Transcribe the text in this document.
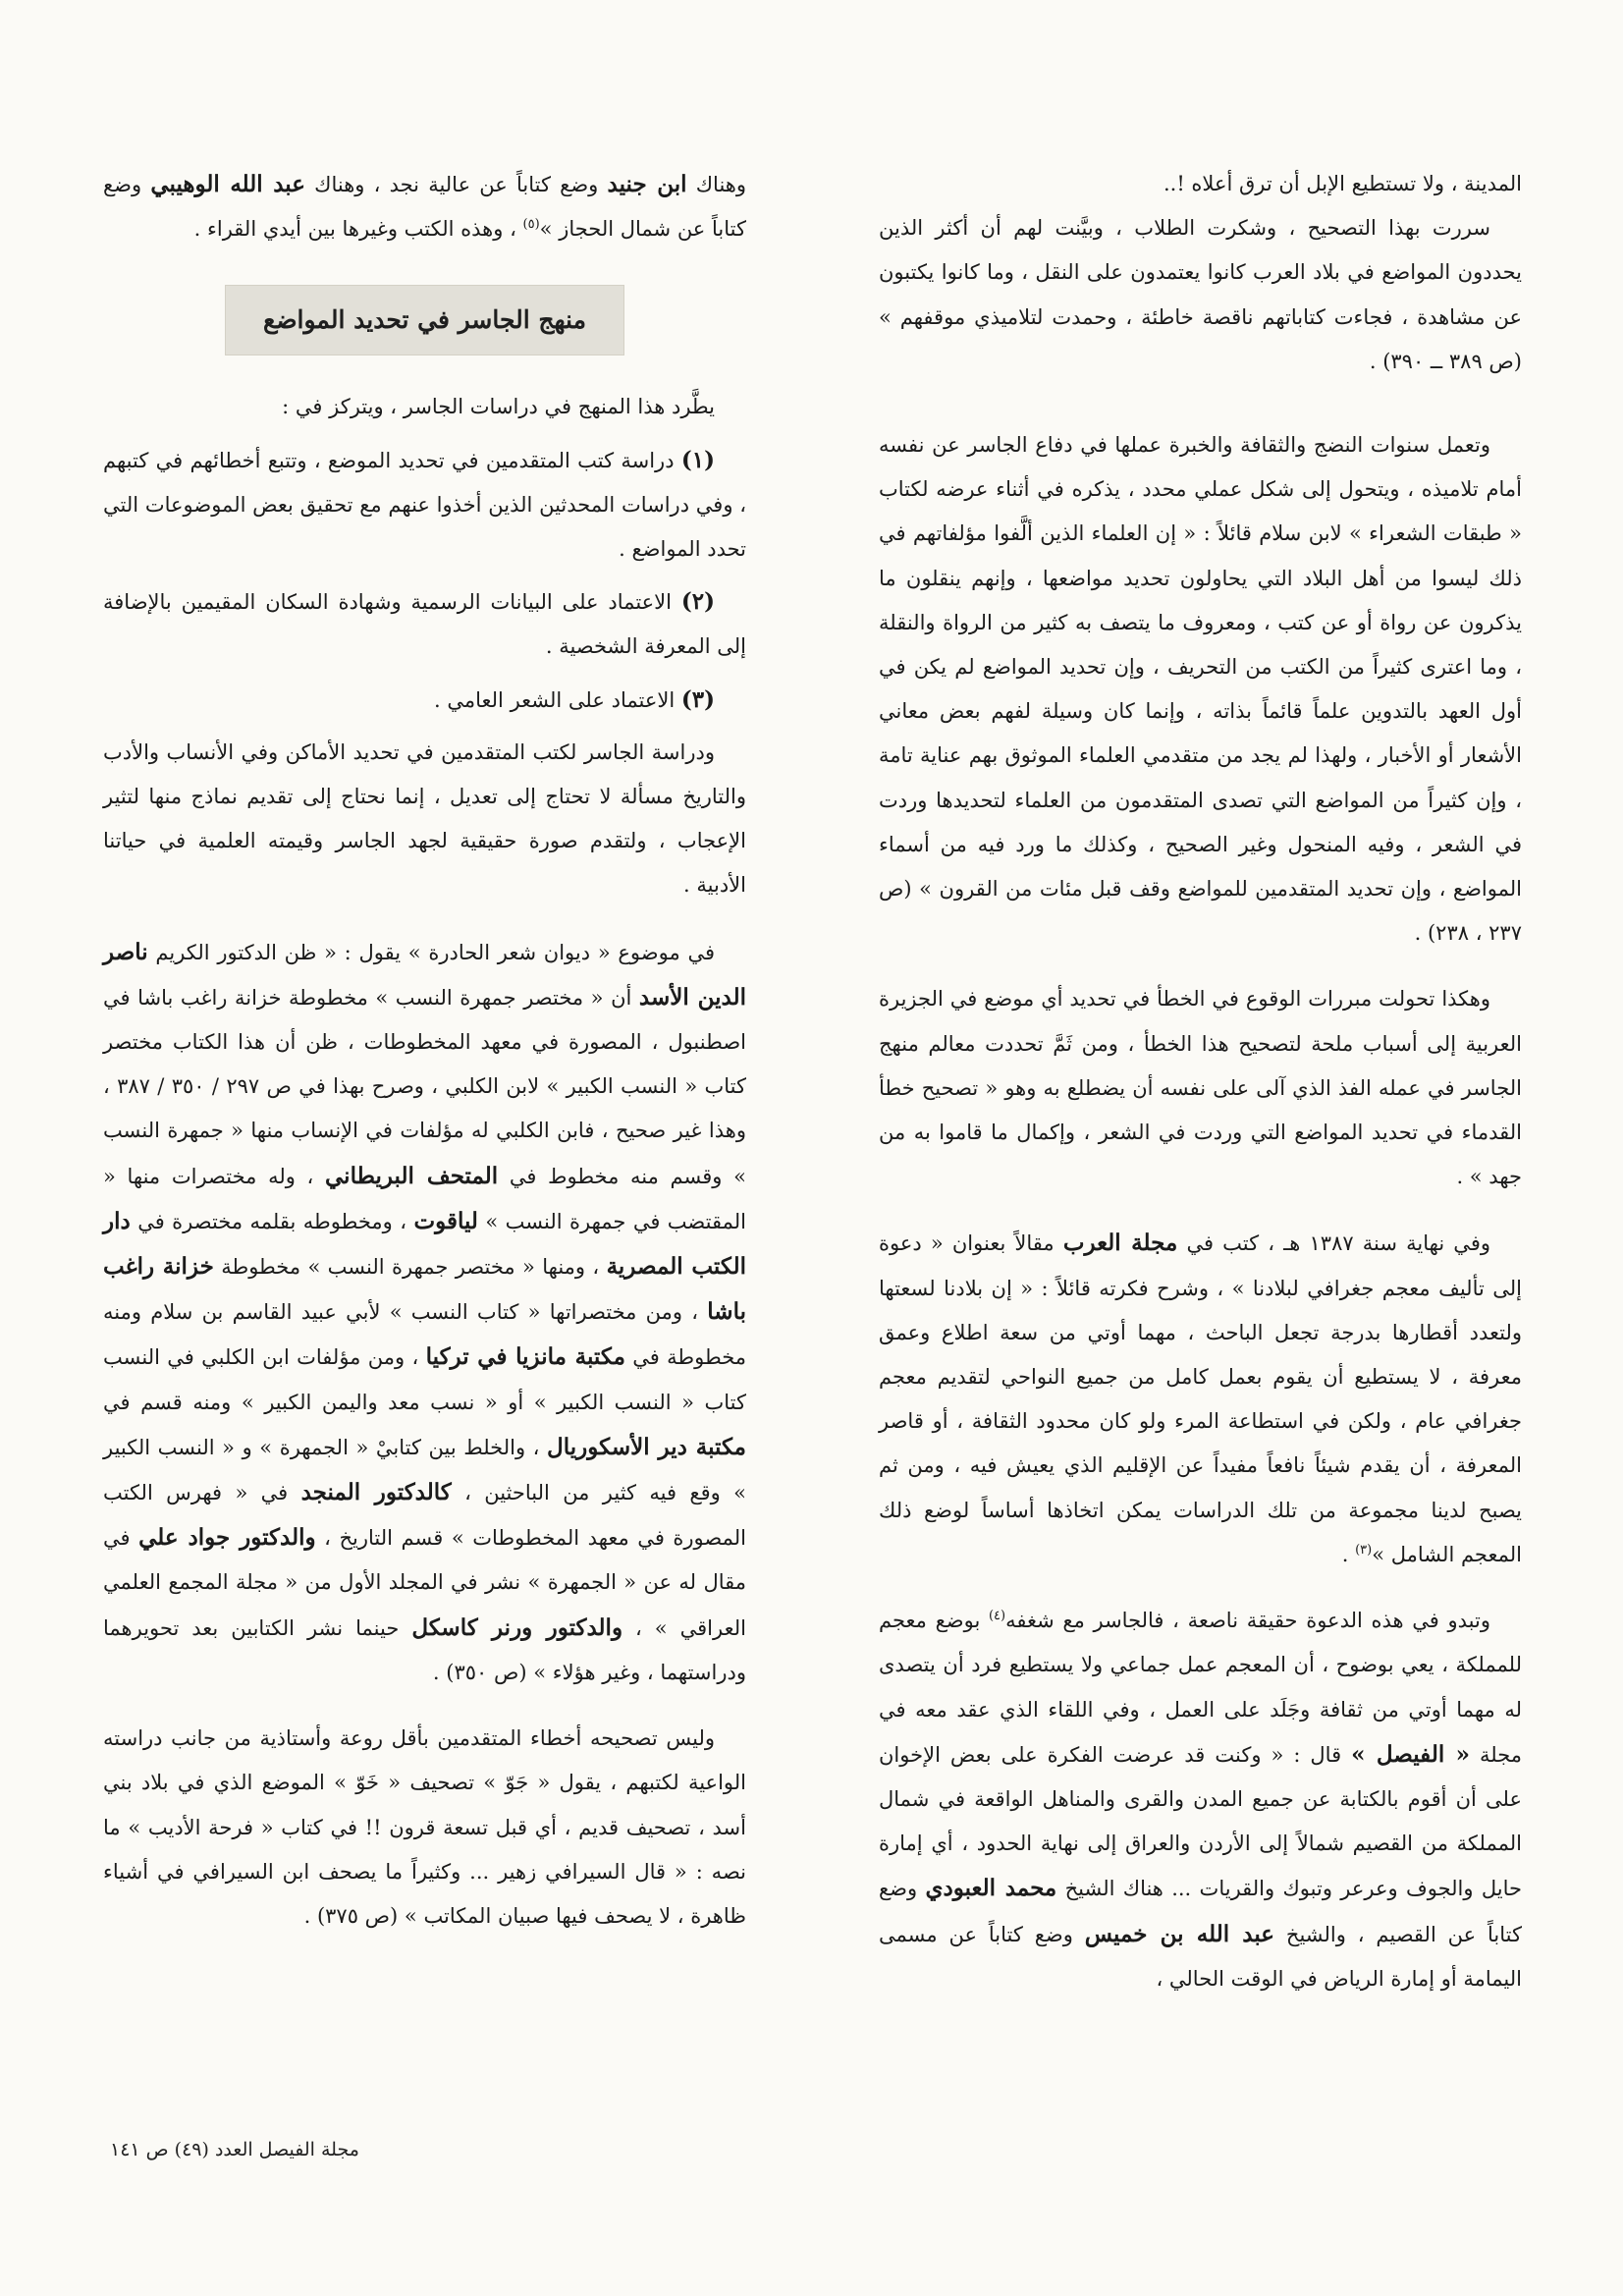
المدينة ، ولا تستطيع الإبل أن ترق أعلاه !..

سررت بهذا التصحيح ، وشكرت الطلاب ، وبيَّنت لهم أن أكثر الذين يحددون المواضع في بلاد العرب كانوا يعتمدون على النقل ، وما كانوا يكتبون عن مشاهدة ، فجاءت كتاباتهم ناقصة خاطئة ، وحمدت لتلاميذي موقفهم » (ص ٣٨٩ ــ ٣٩٠) .

وتعمل سنوات النضج والثقافة والخبرة عملها في دفاع الجاسر عن نفسه أمام تلاميذه ، ويتحول إلى شكل عملي محدد ، يذكره في أثناء عرضه لكتاب « طبقات الشعراء » لابن سلام قائلاً : « إن العلماء الذين ألَّفوا مؤلفاتهم في ذلك ليسوا من أهل البلاد التي يحاولون تحديد مواضعها ، وإنهم ينقلون ما يذكرون عن رواة أو عن كتب ، ومعروف ما يتصف به كثير من الرواة والنقلة ، وما اعترى كثيراً من الكتب من التحريف ، وإن تحديد المواضع لم يكن في أول العهد بالتدوين علماً قائماً بذاته ، وإنما كان وسيلة لفهم بعض معاني الأشعار أو الأخبار ، ولهذا لم يجد من متقدمي العلماء الموثوق بهم عناية تامة ، وإن كثيراً من المواضع التي تصدى المتقدمون من العلماء لتحديدها وردت في الشعر ، وفيه المنحول وغير الصحيح ، وكذلك ما ورد فيه من أسماء المواضع ، وإن تحديد المتقدمين للمواضع وقف قبل مئات من القرون » (ص ٢٣٧ ، ٢٣٨) .

وهكذا تحولت مبررات الوقوع في الخطأ في تحديد أي موضع في الجزيرة العربية إلى أسباب ملحة لتصحيح هذا الخطأ ، ومن ثَمَّ تحددت معالم منهج الجاسر في عمله الفذ الذي آلى على نفسه أن يضطلع به وهو « تصحيح خطأ القدماء في تحديد المواضع التي وردت في الشعر ، وإكمال ما قاموا به من جهد » .

وفي نهاية سنة ١٣٨٧ هـ ، كتب في مجلة العرب مقالاً بعنوان « دعوة إلى تأليف معجم جغرافي لبلادنا » ، وشرح فكرته قائلاً : « إن بلادنا لسعتها ولتعدد أقطارها بدرجة تجعل الباحث ، مهما أوتي من سعة اطلاع وعمق معرفة ، لا يستطيع أن يقوم بعمل كامل من جميع النواحي لتقديم معجم جغرافي عام ، ولكن في استطاعة المرء ولو كان محدود الثقافة ، أو قاصر المعرفة ، أن يقدم شيئاً نافعاً مفيداً عن الإقليم الذي يعيش فيه ، ومن ثم يصبح لدينا مجموعة من تلك الدراسات يمكن اتخاذها أساساً لوضع ذلك المعجم الشامل »$^{(٣)}$ .

وتبدو في هذه الدعوة حقيقة ناصعة ، فالجاسر مع شغفه$^{(٤)}$ بوضع معجم للمملكة ، يعي بوضوح ، أن المعجم عمل جماعي ولا يستطيع فرد أن يتصدى له مهما أوتي من ثقافة وجَلَد على العمل ، وفي اللقاء الذي عقد معه في مجلة « الفيصل » قال : « وكنت قد عرضت الفكرة على بعض الإخوان على أن أقوم بالكتابة عن جميع المدن والقرى والمناهل الواقعة في شمال المملكة من القصيم شمالاً إلى الأردن والعراق إلى نهاية الحدود ، أي إمارة حايل والجوف وعرعر وتبوك والقريات ... هناك الشيخ محمد العبودي وضع كتاباً عن القصيم ، والشيخ عبد الله بن خميس وضع كتاباً عن مسمى اليمامة أو إمارة الرياض في الوقت الحالي ،

وهناك ابن جنيد وضع كتاباً عن عالية نجد ، وهناك عبد الله الوهيبي وضع كتاباً عن شمال الحجاز »$^{(٥)}$ ، وهذه الكتب وغيرها بين أيدي القراء .

منهج الجاسر في تحديد المواضع

يطَّرد هذا المنهج في دراسات الجاسر ، ويتركز في :

(١) دراسة كتب المتقدمين في تحديد الموضع ، وتتبع أخطائهم في كتبهم ، وفي دراسات المحدثين الذين أخذوا عنهم مع تحقيق بعض الموضوعات التي تحدد المواضع .

(٢) الاعتماد على البيانات الرسمية وشهادة السكان المقيمين بالإضافة إلى المعرفة الشخصية .

(٣) الاعتماد على الشعر العامي .

ودراسة الجاسر لكتب المتقدمين في تحديد الأماكن وفي الأنساب والأدب والتاريخ مسألة لا تحتاج إلى تعديل ، إنما نحتاج إلى تقديم نماذج منها لتثير الإعجاب ، ولتقدم صورة حقيقية لجهد الجاسر وقيمته العلمية في حياتنا الأدبية .

في موضوع « ديوان شعر الحادرة » يقول : « ظن الدكتور الكريم ناصر الدين الأسد أن « مختصر جمهرة النسب » مخطوطة خزانة راغب باشا في اصطنبول ، المصورة في معهد المخطوطات ، ظن أن هذا الكتاب مختصر كتاب « النسب الكبير » لابن الكلبي ، وصرح بهذا في ص ٢٩٧ / ٣٥٠ / ٣٨٧ ، وهذا غير صحيح ، فابن الكلبي له مؤلفات في الإنساب منها « جمهرة النسب » وقسم منه مخطوط في المتحف البريطاني ، وله مختصرات منها « المقتضب في جمهرة النسب » لياقوت ، ومخطوطه بقلمه مختصرة في دار الكتب المصرية ، ومنها « مختصر جمهرة النسب » مخطوطة خزانة راغب باشا ، ومن مختصراتها « كتاب النسب » لأبي عبيد القاسم بن سلام ومنه مخطوطة في مكتبة مانزيا في تركيا ، ومن مؤلفات ابن الكلبي في النسب كتاب « النسب الكبير » أو « نسب معد واليمن الكبير » ومنه قسم في مكتبة دير الأسكوريال ، والخلط بين كتابيْ « الجمهرة » و « النسب الكبير » وقع فيه كثير من الباحثين ، كالدكتور المنجد في « فهرس الكتب المصورة في معهد المخطوطات » قسم التاريخ ، والدكتور جواد علي في مقال له عن « الجمهرة » نشر في المجلد الأول من « مجلة المجمع العلمي العراقي » ، والدكتور ورنر كاسكل حينما نشر الكتابين بعد تحويرهما ودراستهما ، وغير هؤلاء » (ص ٣٥٠) .

وليس تصحيحه أخطاء المتقدمين بأقل روعة وأستاذية من جانب دراسته الواعية لكتبهم ، يقول « جَوّ » تصحيف « خَوّ » الموضع الذي في بلاد بني أسد ، تصحيف قديم ، أي قبل تسعة قرون !! في كتاب « فرحة الأديب » ما نصه : « قال السيرافي زهير ... وكثيراً ما يصحف ابن السيرافي في أشياء ظاهرة ، لا يصحف فيها صبيان المكاتب » (ص ٣٧٥) .

مجلة الفيصل العدد (٤٩) ص ١٤١
